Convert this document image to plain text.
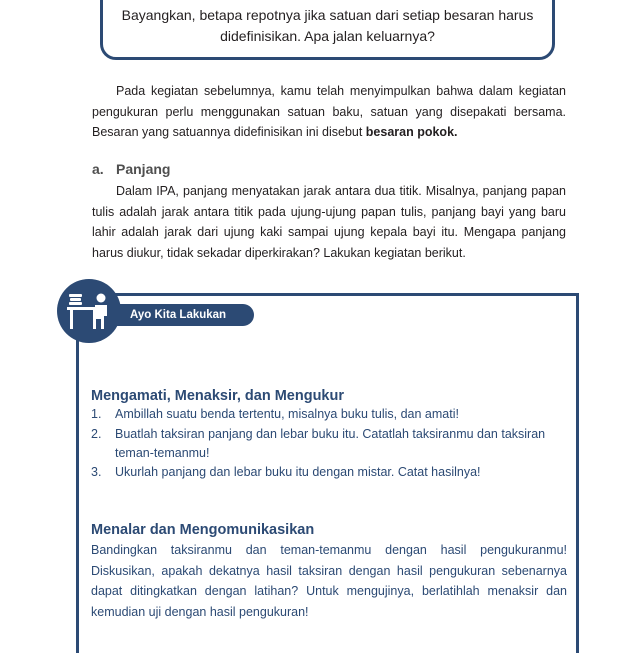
Bayangkan, betapa repotnya jika satuan dari setiap besaran harus
didefinisikan. Apa jalan keluarnya?

Pada kegiatan sebelumnya, kamu telah menyimpulkan bahwa dalam kegiatan pengukuran perlu menggunakan satuan baku, satuan yang disepakati bersama. Besaran yang satuannya didefinisikan ini disebut besaran pokok.

a. Panjang

Dalam IPA, panjang menyatakan jarak antara dua titik. Misalnya, panjang papan tulis adalah jarak antara titik pada ujung-ujung papan tulis, panjang bayi yang baru lahir adalah jarak dari ujung kaki sampai ujung kepala bayi itu. Mengapa panjang harus diukur, tidak sekadar diperkirakan? Lakukan kegiatan berikut.

Ayo Kita Lakukan
Mengamati, Menaksir, dan Mengukur
1. Ambillah suatu benda tertentu, misalnya buku tulis, dan amati!
2. Buatlah taksiran panjang dan lebar buku itu. Catatlah taksiranmu dan taksiran teman-temanmu!
3. Ukurlah panjang dan lebar buku itu dengan mistar. Catat hasilnya!
Menalar dan Mengomunikasikan

Bandingkan taksiranmu dan teman-temanmu dengan hasil pengukuranmu! Diskusikan, apakah dekatnya hasil taksiran dengan hasil pengukuran sebenarnya dapat ditingkatkan dengan latihan? Untuk mengujinya, berlatihlah menaksir dan kemudian uji dengan hasil pengukuran!
